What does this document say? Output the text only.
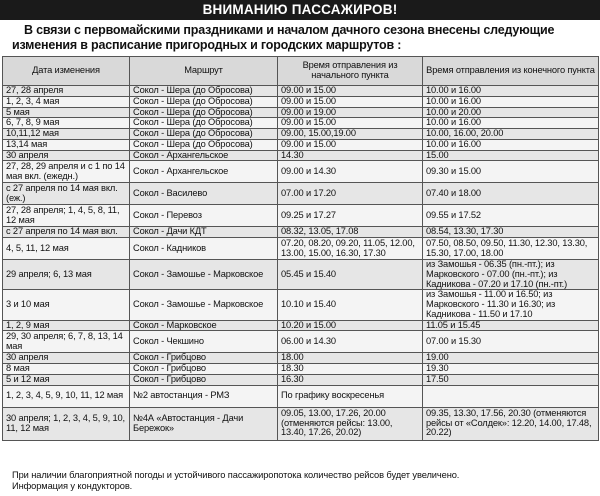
ВНИМАНИЮ ПАССАЖИРОВ!
В связи с первомайскими праздниками и началом дачного сезона внесены следующие
изменения в расписание пригородных и городских маршрутов :
Дата изменения	Маршрут	Время отправления из начального пункта	Время отправления из конечного пункта
27, 28 апреля	Сокол - Шера (до Обросова)	09.00 и 15.00	10.00 и 16.00
1, 2, 3, 4 мая	Сокол - Шера (до Обросова)	09.00 и 15.00	10.00 и 16.00
5 мая	Сокол - Шера (до Обросова)	09.00 и 19.00	10.00 и 20.00
6, 7, 8, 9 мая	Сокол - Шера (до Обросова)	09.00 и 15.00	10.00 и 16.00
10,11,12 мая	Сокол - Шера (до Обросова)	09.00, 15.00,19.00	10.00, 16.00, 20.00
13,14 мая	Сокол - Шера (до Обросова)	09.00 и 15.00	10.00 и 16.00
30 апреля	Сокол - Архангельское	14.30	15.00
27, 28, 29 апреля и с 1 по 14 мая вкл. (ежедн.)	Сокол - Архангельское	09.00 и 14.30	09.30 и 15.00
с 27 апреля по 14 мая вкл. (еж.)	Сокол - Василево	07.00 и 17.20	07.40 и 18.00
27, 28 апреля; 1, 4, 5, 8, 11, 12 мая	Сокол - Перевоз	09.25 и 17.27	09.55 и 17.52
с 27 апреля по 14 мая вкл.	Сокол - Дачи КДТ	08.32, 13.05, 17.08	08.54, 13.30, 17.30
4, 5, 11, 12 мая	Сокол - Кадников	07.20, 08.20, 09.20, 11.05, 12.00, 13.00, 15.00, 16.30, 17.30	07.50, 08.50, 09.50, 11.30, 12.30, 13.30, 15.30, 17.00, 18.00
29 апреля; 6, 13 мая	Сокол - Замошье - Марковское	05.45 и 15.40	из Замошья - 06.35 (пн.-пт.); из Марковского - 07.00 (пн.-пт.); из Кадникова - 07.20 и 17.10 (пн.-пт.)
3 и 10 мая	Сокол - Замошье - Марковское	10.10 и 15.40	из Замошья - 11.00 и 16.50; из Марковского - 11.30 и 16.30; из Кадникова - 11.50 и 17.10
1, 2, 9 мая	Сокол - Марковское	10.20 и 15.00	11.05 и 15.45
29, 30 апреля; 6, 7, 8, 13, 14 мая	Сокол - Чекшино	06.00 и 14.30	07.00 и 15.30
30 апреля	Сокол - Грибцово	18.00	19.00
8 мая	Сокол - Грибцово	18.30	19.30
5 и 12 мая	Сокол - Грибцово	16.30	17.50
1, 2, 3, 4, 5, 9, 10, 11, 12 мая	№2 автостанция - РМЗ	По графику воскресенья	
30 апреля; 1, 2, 3, 4, 5, 9, 10, 11, 12 мая	№4А «Автостанция - Дачи Бережок»	09.05, 13.00, 17.26, 20.00 (отменяются рейсы: 13.00, 13.40, 17.26, 20.02)	09.35, 13.30, 17.56, 20.30 (отменяются рейсы от «Солдек»: 12.20, 14.00, 17.48, 20.22)
При наличии благоприятной погоды и устойчивого пассажиропотока количество рейсов будет увеличено.
Информация у кондукторов.
